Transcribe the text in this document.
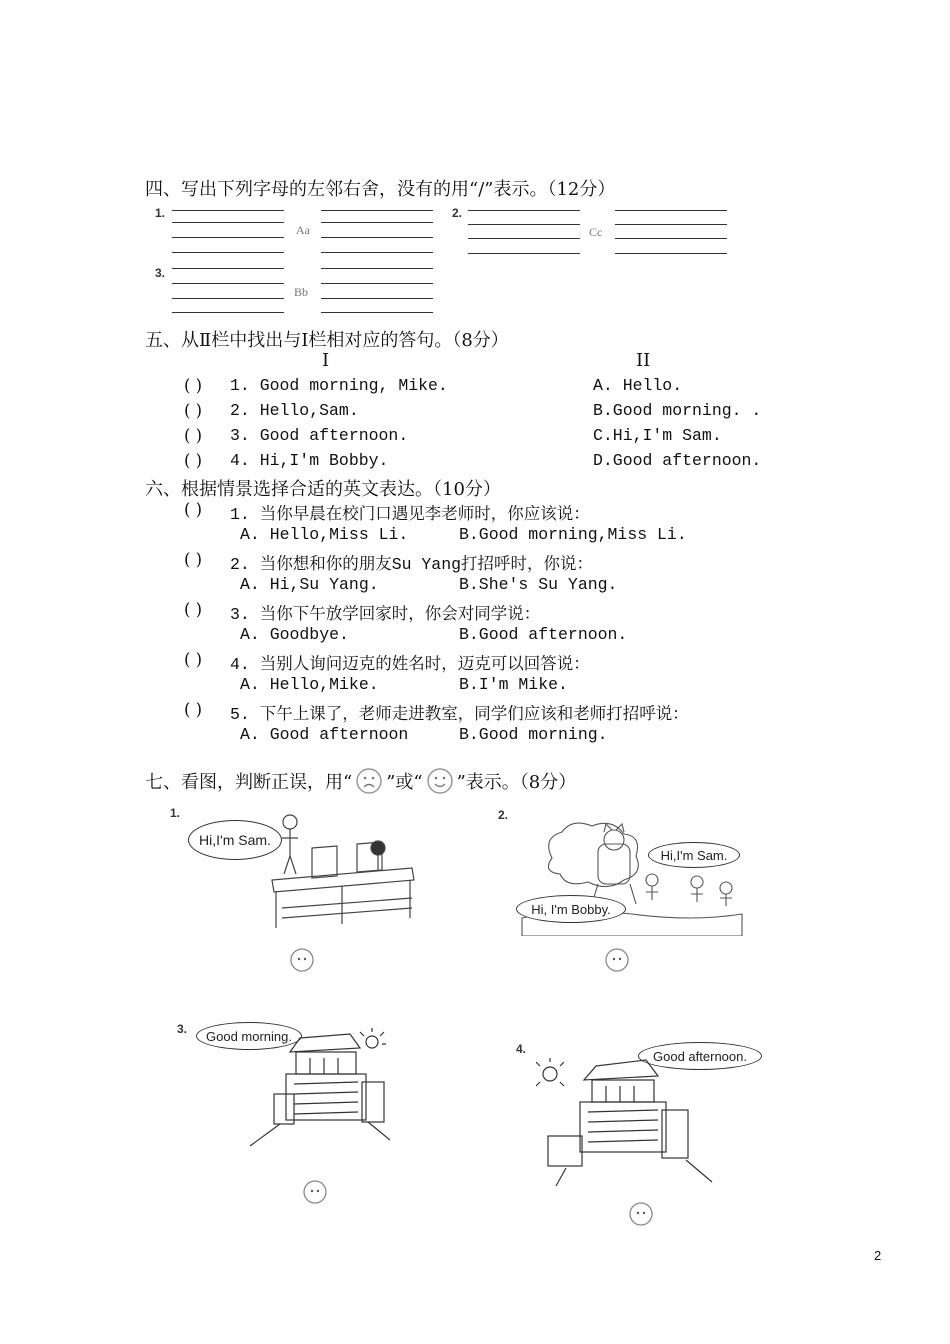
四、写出下列字母的左邻右舍，没有的用“/”表示。（12分）
1.
Aa
2.
Cc
3.
Bb
五、从Ⅱ栏中找出与Ⅰ栏相对应的答句。（8分）
I	II
( ) 1. Good morning, Mike.	A. Hello.
( ) 2. Hello,Sam.	B.Good morning. .
( ) 3. Good afternoon.	C.Hi,I'm Sam.
( ) 4. Hi,I'm Bobby.	D.Good afternoon.
六、根据情景选择合适的英文表达。（10分）
( ) 1. 当你早晨在校门口遇见李老师时，你应该说：
A. Hello,Miss Li.	B.Good morning,Miss Li.
( ) 2. 当你想和你的朋友Su Yang打招呼时，你说：
A. Hi,Su Yang.	B.She's Su Yang.
( ) 3. 当你下午放学回家时，你会对同学说：
A. Goodbye.	B.Good afternoon.
( ) 4. 当别人询问迈克的姓名时，迈克可以回答说：
A. Hello,Mike.	B.I'm Mike.
( ) 5. 下午上课了，老师走进教室，同学们应该和老师打招呼说：
A. Good afternoon	B.Good morning.
七、看图，判断正误，用“ ”或“ ”表示。（8分）
1.
Hi,I'm Sam.
2.
Hi,I'm Sam.
Hi, I'm Bobby.
3.	Good morning.
4.	Good afternoon.
2
